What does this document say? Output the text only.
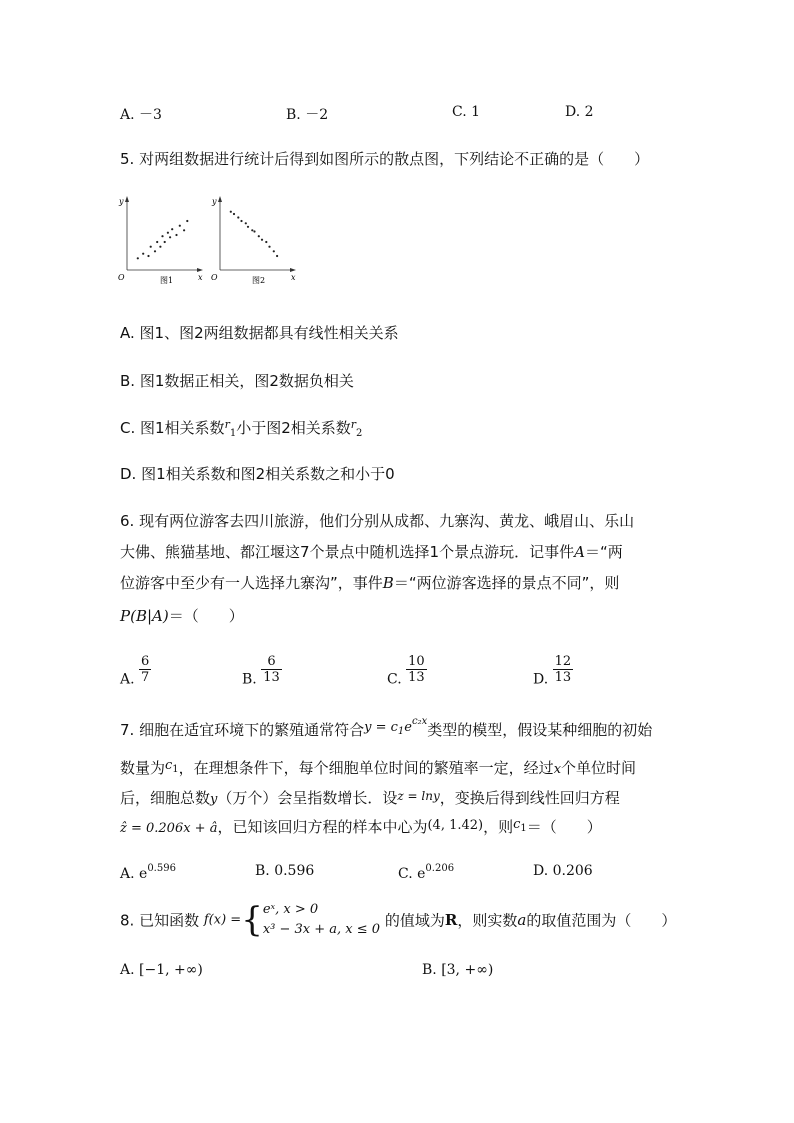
A. －3	B. －2	C. 1	D. 2
5. 对两组数据进行统计后得到如图所示的散点图，下列结论不正确的是（　　）
y
O	x
图1
y
O	x
图2
A. 图1、图2两组数据都具有线性相关关系
B. 图1数据正相关，图2数据负相关
C. 图1相关系数$^r_1$小于图2相关系数$^r_2$
D. 图1相关系数和图2相关系数之和小于0
6. 现有两位游客去四川旅游，他们分别从成都、九寨沟、黄龙、峨眉山、乐山
大佛、熊猫基地、都江堰这7个景点中随机选择1个景点游玩．记事件A＝“两
位游客中至少有一人选择九寨沟”，事件B＝“两位游客选择的景点不同”，则
P(B|A)＝（　　）
A. $\frac{6}{7}$	B. $\frac{6}{13}$	C. $\frac{10}{13}$	D. $\frac{12}{13}$
7. 细胞在适宜环境下的繁殖通常符合$y = c_1e^{c_2x}$类型的模型，假设某种细胞的初始
数量为c1，在理想条件下，每个细胞单位时间的繁殖率一定，经过x个单位时间
后，细胞总数y（万个）会呈指数增长．设$^{z = lny}$，变换后得到线性回归方程
ẑ = 0.206x + â，已知该回归方程的样本中心为(4, 1.42)，则c1＝（　　）
A. $e^{0.596}$	B. 0.596	C. $e^{0.206}$	D. 0.206
8. 已知函数 f(x) ={ eˣ, x > 0
x³ − 3x + a, x ≤ 0 的值域为R，则实数a的取值范围为（　　）
A. [−1, +∞)	B. [3, +∞)
